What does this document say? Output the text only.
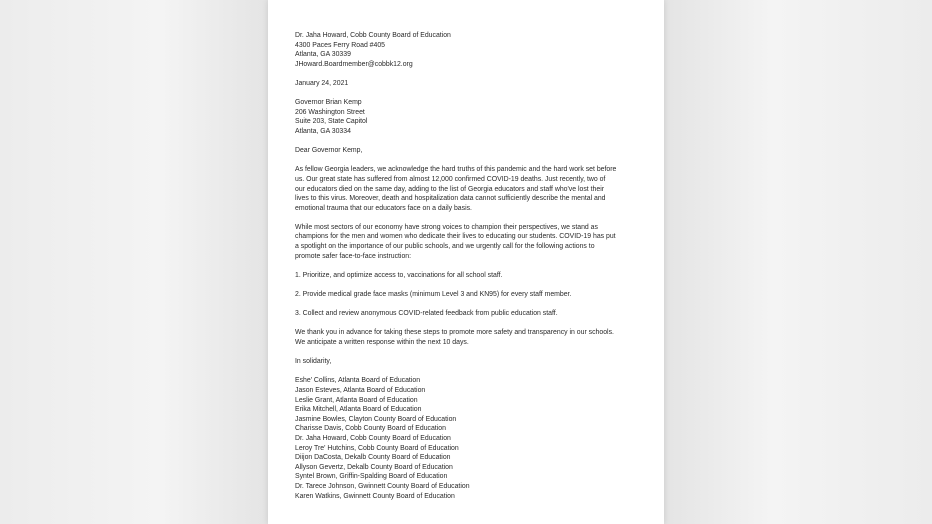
Dr. Jaha Howard, Cobb County Board of Education
4300 Paces Ferry Road #405
Atlanta, GA 30339
JHoward.Boardmember@cobbk12.org

January 24, 2021

Governor Brian Kemp
206 Washington Street
Suite 203, State Capitol
Atlanta, GA 30334

Dear Governor Kemp,

As fellow Georgia leaders, we acknowledge the hard truths of this pandemic and the hard work set before
us. Our great state has suffered from almost 12,000 confirmed COVID-19 deaths. Just recently, two of
our educators died on the same day, adding to the list of Georgia educators and staff who've lost their
lives to this virus. Moreover, death and hospitalization data cannot sufficiently describe the mental and
emotional trauma that our educators face on a daily basis.
While most sectors of our economy have strong voices to champion their perspectives, we stand as
champions for the men and women who dedicate their lives to educating our students. COVID-19 has put
a spotlight on the importance of our public schools, and we urgently call for the following actions to
promote safer face-to-face instruction:

1. Prioritize, and optimize access to, vaccinations for all school staff.

2. Provide medical grade face masks (minimum Level 3 and KN95) for every staff member.

3. Collect and review anonymous COVID-related feedback from public education staff.

We thank you in advance for taking these steps to promote more safety and transparency in our schools.
We anticipate a written response within the next 10 days.

In solidarity,

Eshe' Collins, Atlanta Board of Education
Jason Esteves, Atlanta Board of Education
Leslie Grant, Atlanta Board of Education
Erika Mitchell, Atlanta Board of Education
Jasmine Bowles, Clayton County Board of Education
Charisse Davis, Cobb County Board of Education
Dr. Jaha Howard, Cobb County Board of Education
Leroy Tre' Hutchins, Cobb County Board of Education
Diijon DaCosta, Dekalb County Board of Education
Allyson Gevertz, Dekalb County Board of Education
Syntel Brown, Griffin-Spalding Board of Education
Dr. Tarece Johnson, Gwinnett County Board of Education
Karen Watkins, Gwinnett County Board of Education
